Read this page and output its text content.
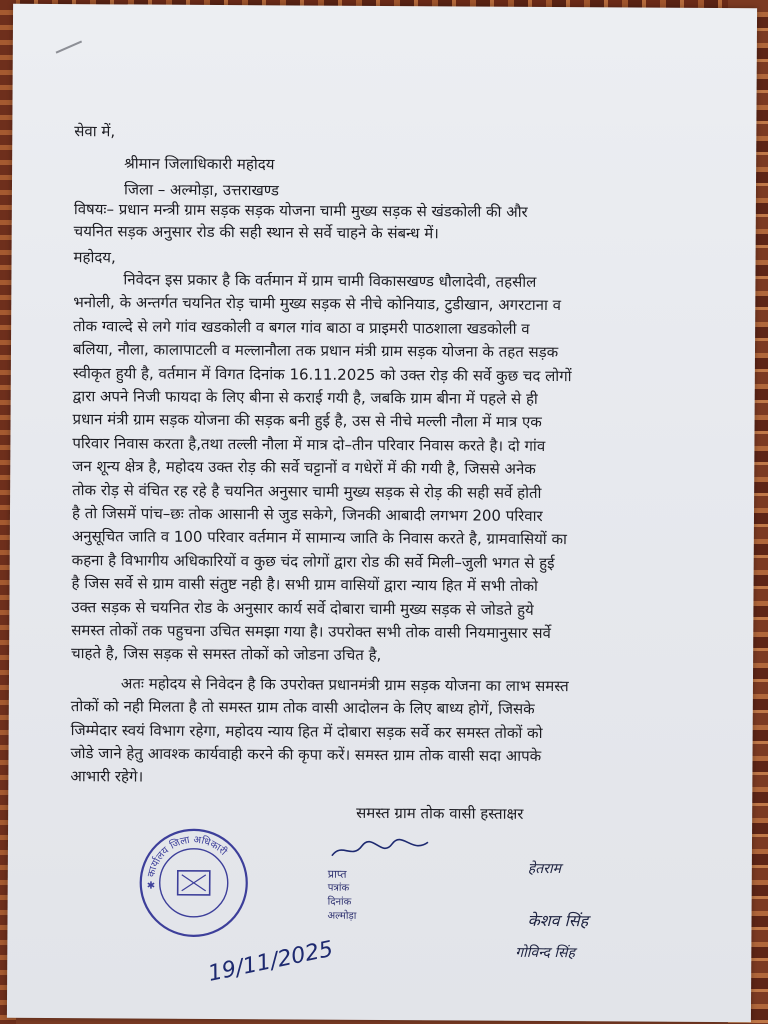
सेवा में,
श्रीमान जिलाधिकारी महोदय
जिला – अल्मोड़ा, उत्तराखण्ड
विषयः– प्रधान मन्त्री ग्राम सड़क सड़क योजना चामी मुख्य सड़क से खंडकोली की और
चयनित सड़क अनुसार रोड की सही स्थान से सर्वे चाहने के संबन्ध में।
महोदय,
निवेदन इस प्रकार है कि वर्तमान में ग्राम चामी विकासखण्ड धौलादेवी, तहसील
भनोली, के अन्तर्गत चयनित रोड़ चामी मुख्य सड़क से नीचे कोनियाड, टुडीखान, अगरटाना व
तोक ग्वाल्दे से लगे गांव खडकोली व बगल गांव बाठा व प्राइमरी पाठशाला खडकोली व
बलिया, नौला, कालापाटली व मल्लानौला तक प्रधान मंत्री ग्राम सड़क योजना के तहत सड़क
स्वीकृत हुयी है, वर्तमान में विगत दिनांक 16.11.2025 को उक्त रोड़ की सर्वे कुछ चद लोगों
द्वारा अपने निजी फायदा के लिए बीना से कराई गयी है, जबकि ग्राम बीना में पहले से ही
प्रधान मंत्री ग्राम सड़क योजना की सड़क बनी हुई है, उस से नीचे मल्ली नौला में मात्र एक
परिवार निवास करता है,तथा तल्ली नौला में मात्र दो–तीन परिवार निवास करते है। दो गांव
जन शून्य क्षेत्र है, महोदय उक्त रोड़ की सर्वे चट्टानों व गधेरों में की गयी है, जिससे अनेक
तोक रोड़ से वंचित रह रहे है चयनित अनुसार चामी मुख्य सड़क से रोड़ की सही सर्वे होती
है तो जिसमें पांच–छः तोक आसानी से जुड सकेगे, जिनकी आबादी लगभग 200 परिवार
अनुसूचित जाति व 100 परिवार वर्तमान में सामान्य जाति के निवास करते है, ग्रामवासियों का
कहना है विभागीय अधिकारियों व कुछ चंद लोगों द्वारा रोड की सर्वे मिली–जुली भगत से हुई
है जिस सर्वे से ग्राम वासी संतुष्ट नही है। सभी ग्राम वासियों द्वारा न्याय हित में सभी तोको
उक्त सड़क से चयनित रोड के अनुसार कार्य सर्वे दोबारा चामी मुख्य सड़क से जोडते हुये
समस्त तोकों तक पहुचना उचित समझा गया है। उपरोक्त सभी तोक वासी नियमानुसार सर्वे
चाहते है, जिस सड़क से समस्त तोकों को जोडना उचित है,
अतः महोदय से निवेदन है कि उपरोक्त प्रधानमंत्री ग्राम सड़क योजना का लाभ समस्त
तोकों को नही मिलता है तो समस्त ग्राम तोक वासी आदोलन के लिए बाध्य होगें, जिसके
जिम्मेदार स्वयं विभाग रहेगा, महोदय न्याय हित में दोबारा सड़क सर्वे कर समस्त तोकों को
जोडे जाने हेतु आवश्क कार्यवाही करने की कृपा करें। समस्त ग्राम तोक वासी सदा आपके
आभारी रहेगे।
समस्त ग्राम तोक वासी हस्ताक्षर
कार्यालय जिला अधिकारी
✱
19/11/2025
प्राप्त
पत्रांक
दिनांक
अल्मोड़ा
हेतराम
केशव सिंह
गोविन्द सिंह
